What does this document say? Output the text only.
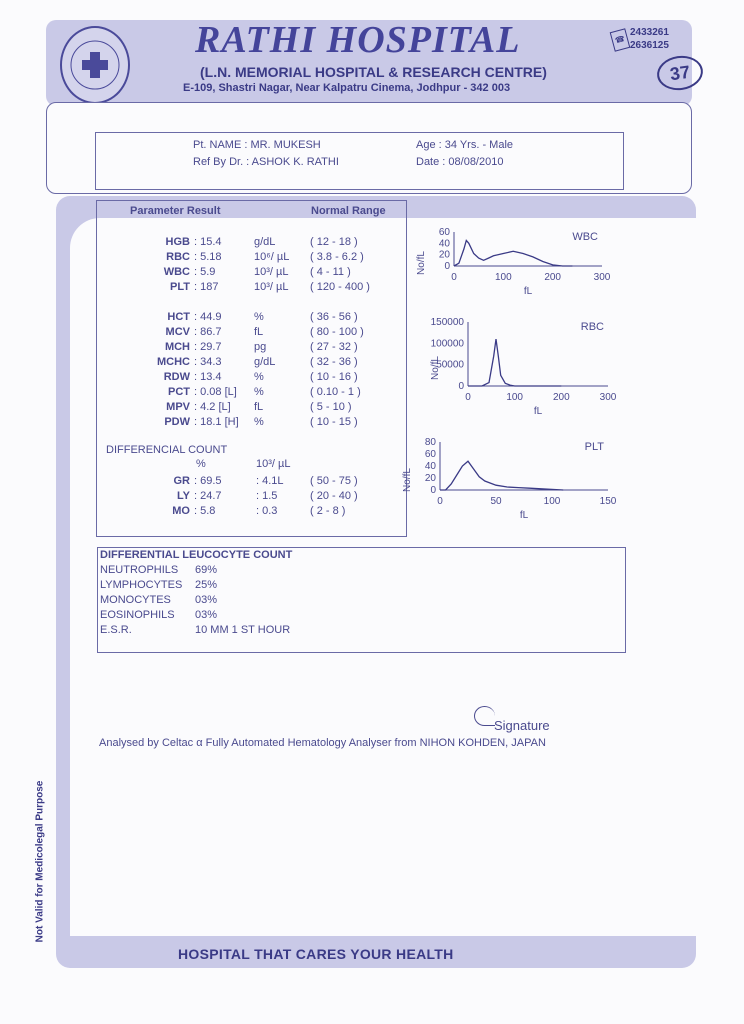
RATHI HOSPITAL
(L.N. MEMORIAL HOSPITAL & RESEARCH CENTRE)
E-109, Shastri Nagar, Near Kalpatru Cinema, Jodhpur - 342 003
☎
2433261
2636125
37
Pt. NAME : MR. MUKESH
Ref By Dr. : ASHOK K. RATHI
Age : 34 Yrs. - Male
Date : 08/08/2010
Parameter Result	Normal Range
HGB : 15.4	g/dL	( 12 - 18 )
RBC : 5.18	10⁶/ µL ( 3.8 - 6.2 )
WBC : 5.9	10³/ µL ( 4 - 11 )
PLT : 187	10³/ µL ( 120 - 400 )
HCT : 44.9	%	( 36 - 56 )
MCV : 86.7	fL	( 80 - 100 )
MCH : 29.7	pg	( 27 - 32 )
MCHC : 34.3	g/dL	( 32 - 36 )
RDW : 13.4	%	( 10 - 16 )
PCT : 0.08 [L] %	( 0.10 - 1 )
MPV : 4.2 [L] fL	( 5 - 10 )
PDW : 18.1 [H] %	( 10 - 15 )
DIFFERENCIAL COUNT
%	10³/ µL
GR : 69.5	: 4.1L ( 50 - 75 )
LY : 24.7	: 1.5	( 20 - 40 )
MO : 5.8	: 0.3	( 2 - 8 )
60
40
20
0
0	100	200	300
fL
No/fL
WBC
150000
100000
50000
0
0	100	200	300
fL
No/fL
RBC
80
60
40
20
0
0	50	100	150
fL
No/fL
PLT
DIFFERENTIAL LEUCOCYTE COUNT
NEUTROPHILS 69%
LYMPHOCYTES 25%
MONOCYTES 03%
EOSINOPHILS 03%
E.S.R.	10 MM 1 ST HOUR
Signature
Analysed by Celtac α Fully Automated Hematology Analyser from NIHON KOHDEN, JAPAN
HOSPITAL THAT CARES YOUR HEALTH
Not Valid for Medicolegal Purpose
